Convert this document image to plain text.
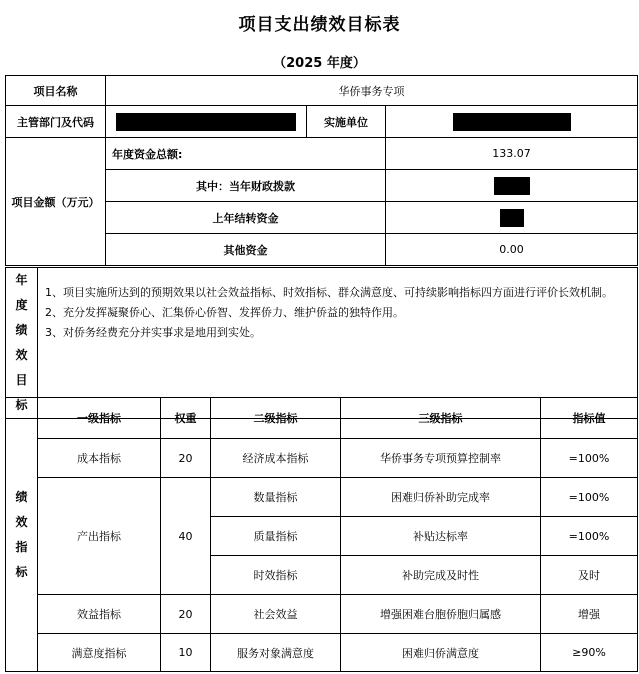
项目支出绩效目标表
（2025 年度）
项目名称	华侨事务专项		
主管部门及代码		实施单位	
项目金额（万元）	年度资金总额:		133.07
	其中：当年财政拨款		
	上年结转资金		
	其他资金		0.00
年
度
绩
效
目
标

1、项目实施所达到的预期效果以社会效益指标、时效指标、群众满意度、可持续影响指标四方面进行评价长效机制。
2、充分发挥凝聚侨心、汇集侨心侨智、发挥侨力、维护侨益的独特作用。
3、对侨务经费充分并实事求是地用到实处。
绩
效
指
标	一级指标	权重	二级指标	三级指标	指标值
	成本指标	20	经济成本指标	华侨事务专项预算控制率	=100%
	产出指标	40	数量指标	困难归侨补助完成率	=100%
			质量指标	补贴达标率	=100%
			时效指标	补助完成及时性	及时
	效益指标	20	社会效益	增强困难台胞侨胞归属感	增强
	满意度指标	10	服务对象满意度	困难归侨满意度	≥90%
